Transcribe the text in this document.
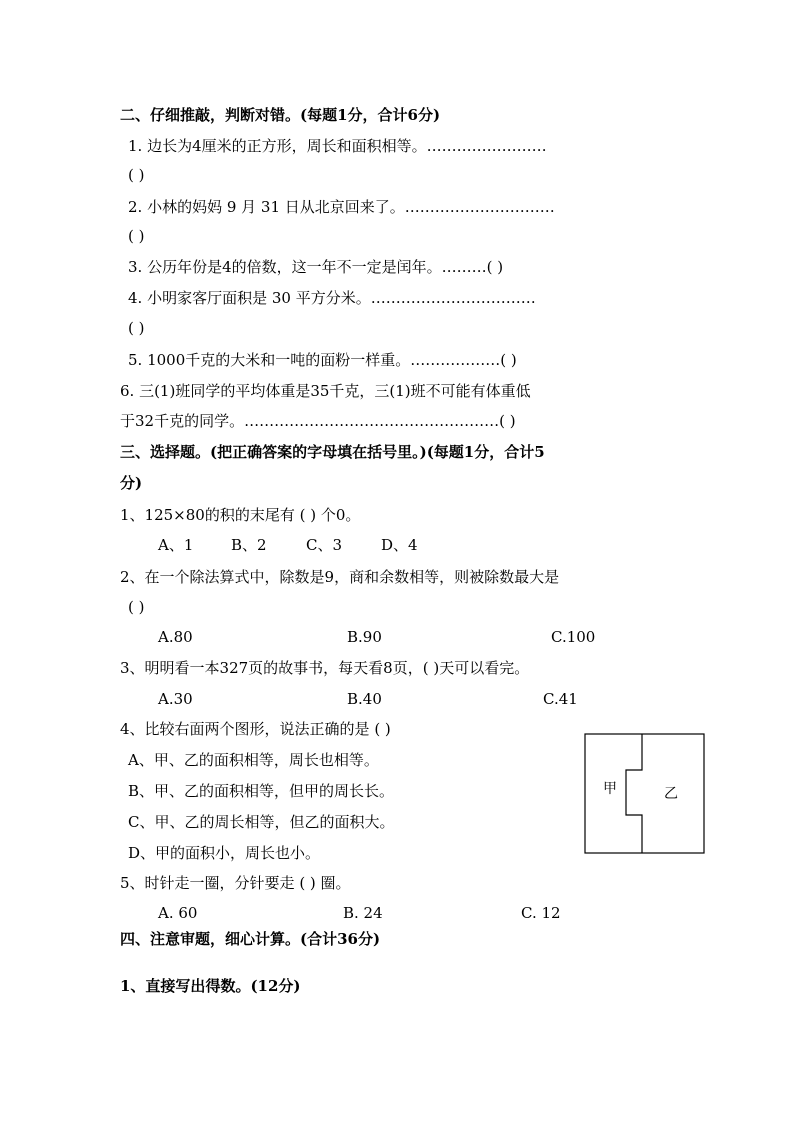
二、仔细推敲，判断对错。(每题1分，合计6分)
1. 边长为4厘米的正方形，周长和面积相等。……………………
( )
2. 小林的妈妈 9 月 31 日从北京回来了。…………………………
( )
3. 公历年份是4的倍数，这一年不一定是闰年。………( )
4. 小明家客厅面积是 30 平方分米。……………………………
( )
5. 1000千克的大米和一吨的面粉一样重。………………( )
6. 三(1)班同学的平均体重是35千克，三(1)班不可能有体重低
于32千克的同学。……………………………………………( )
三、选择题。(把正确答案的字母填在括号里。)(每题1分，合计5
分)
1、125×80的积的末尾有 ( ) 个0。
A、1	B、2	C、3	D、4
2、在一个除法算式中，除数是9，商和余数相等，则被除数最大是
( )
A.80	B.90	C.100
3、明明看一本327页的故事书，每天看8页，( )天可以看完。
A.30	B.40	C.41
4、比较右面两个图形，说法正确的是 ( )
A、甲、乙的面积相等，周长也相等。
B、甲、乙的面积相等，但甲的周长长。
C、甲、乙的周长相等，但乙的面积大。
D、甲的面积小，周长也小。
甲	乙
5、时针走一圈，分针要走 ( ) 圈。
A. 60	B. 24	C. 12
四、注意审题，细心计算。(合计36分)
1、直接写出得数。(12分)
